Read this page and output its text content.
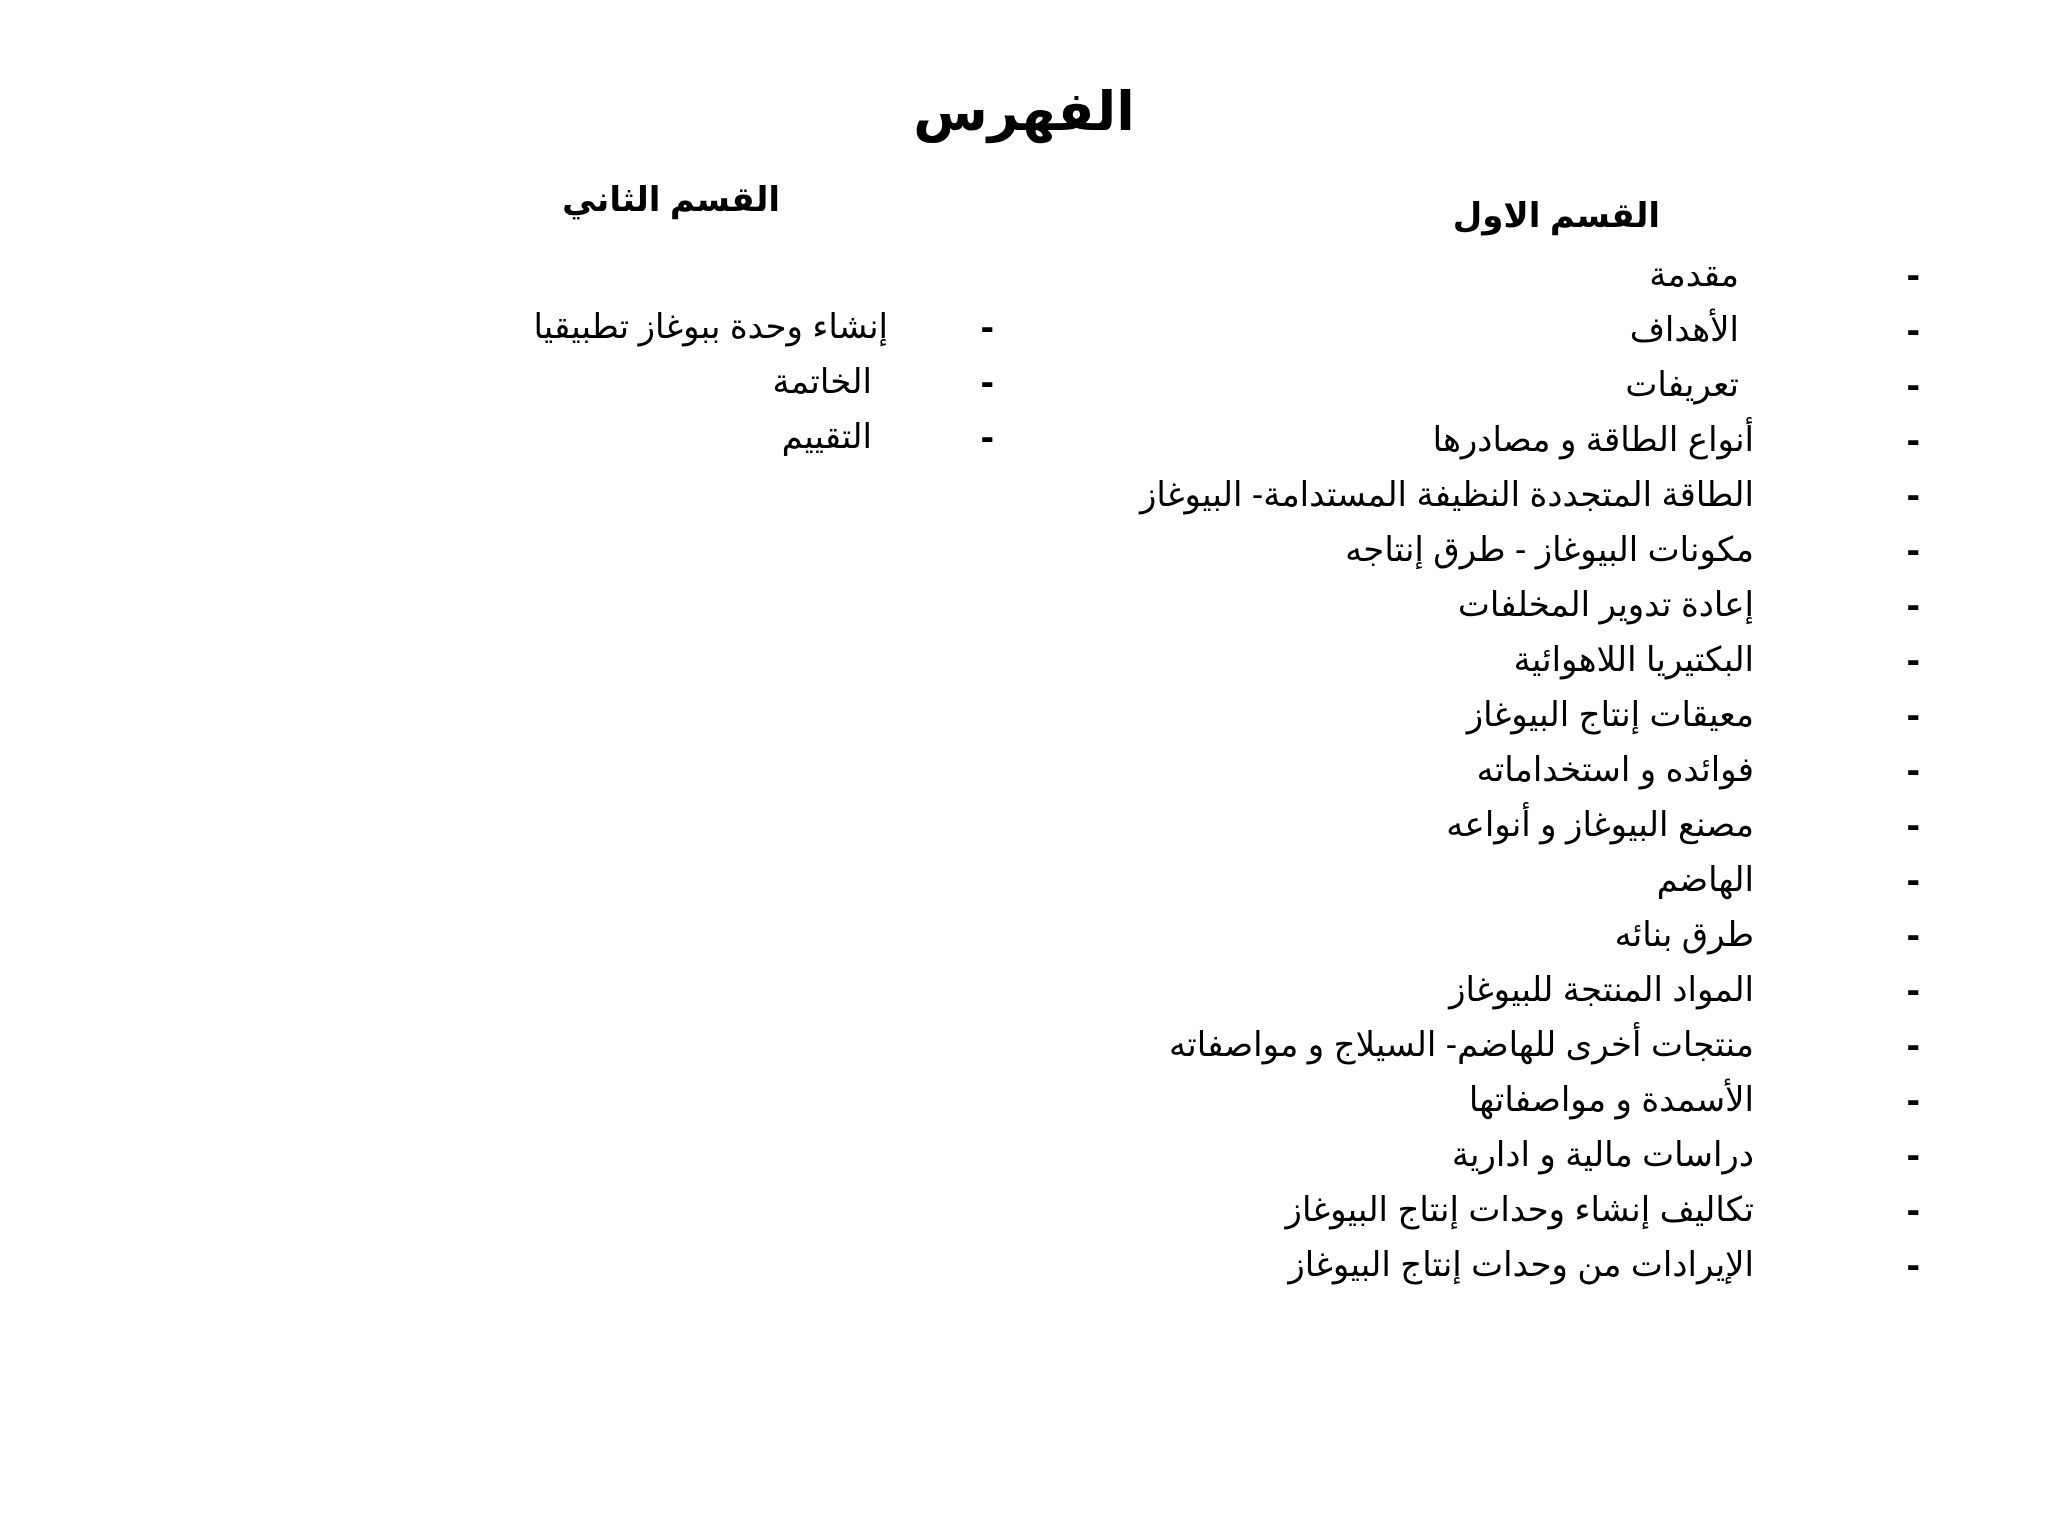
الفهرس
القسم الاول
القسم الثاني
-
مقدمة
-
الأهداف
-
تعريفات
-
أنواع الطاقة و مصادرها
-
الطاقة المتجددة النظيفة المستدامة- البيوغاز
-
مكونات البيوغاز - طرق إنتاجه
-
إعادة تدوير المخلفات
-
البكتيريا اللاهوائية
-
معيقات إنتاج البيوغاز
-
فوائده و استخداماته
-
مصنع البيوغاز و أنواعه
-
الهاضم
-
طرق بنائه
-
المواد المنتجة للبيوغاز
-
منتجات أخرى للهاضم- السيلاج و مواصفاته
-
الأسمدة و مواصفاتها
-
دراسات مالية و ادارية
-
تكاليف إنشاء وحدات إنتاج البيوغاز
-
الإيرادات من وحدات إنتاج البيوغاز
-
إنشاء وحدة ببوغاز تطبيقيا
-
الخاتمة
-
التقييم
